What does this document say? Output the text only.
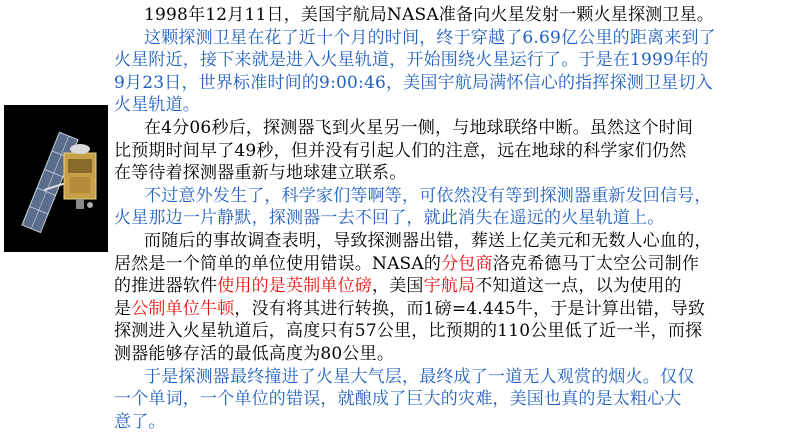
1998年12月11日，美国宇航局NASA准备向火星发射一颗火星探测卫星。
这颗探测卫星在花了近十个月的时间，终于穿越了6.69亿公里的距离来到了
火星附近，接下来就是进入火星轨道，开始围绕火星运行了。于是在1999年的
9月23日，世界标准时间的9:00:46，美国宇航局满怀信心的指挥探测卫星切入
火星轨道。
在4分06秒后，探测器飞到火星另一侧，与地球联络中断。虽然这个时间
比预期时间早了49秒，但并没有引起人们的注意，远在地球的科学家们仍然
在等待着探测器重新与地球建立联系。
不过意外发生了，科学家们等啊等，可依然没有等到探测器重新发回信号，
火星那边一片静默，探测器一去不回了，就此消失在遥远的火星轨道上。
而随后的事故调查表明，导致探测器出错，葬送上亿美元和无数人心血的，
居然是一个简单的单位使用错误。NASA的分包商洛克希德马丁太空公司制作
的推进器软件使用的是英制单位磅，美国宇航局不知道这一点，以为使用的
是公制单位牛顿，没有将其进行转换，而1磅=4.445牛，于是计算出错，导致
探测进入火星轨道后，高度只有57公里，比预期的110公里低了近一半，而探
测器能够存活的最低高度为80公里。
于是探测器最终撞进了火星大气层，最终成了一道无人观赏的烟火。仅仅
一个单词，一个单位的错误，就酿成了巨大的灾难，美国也真的是太粗心大
意了。
